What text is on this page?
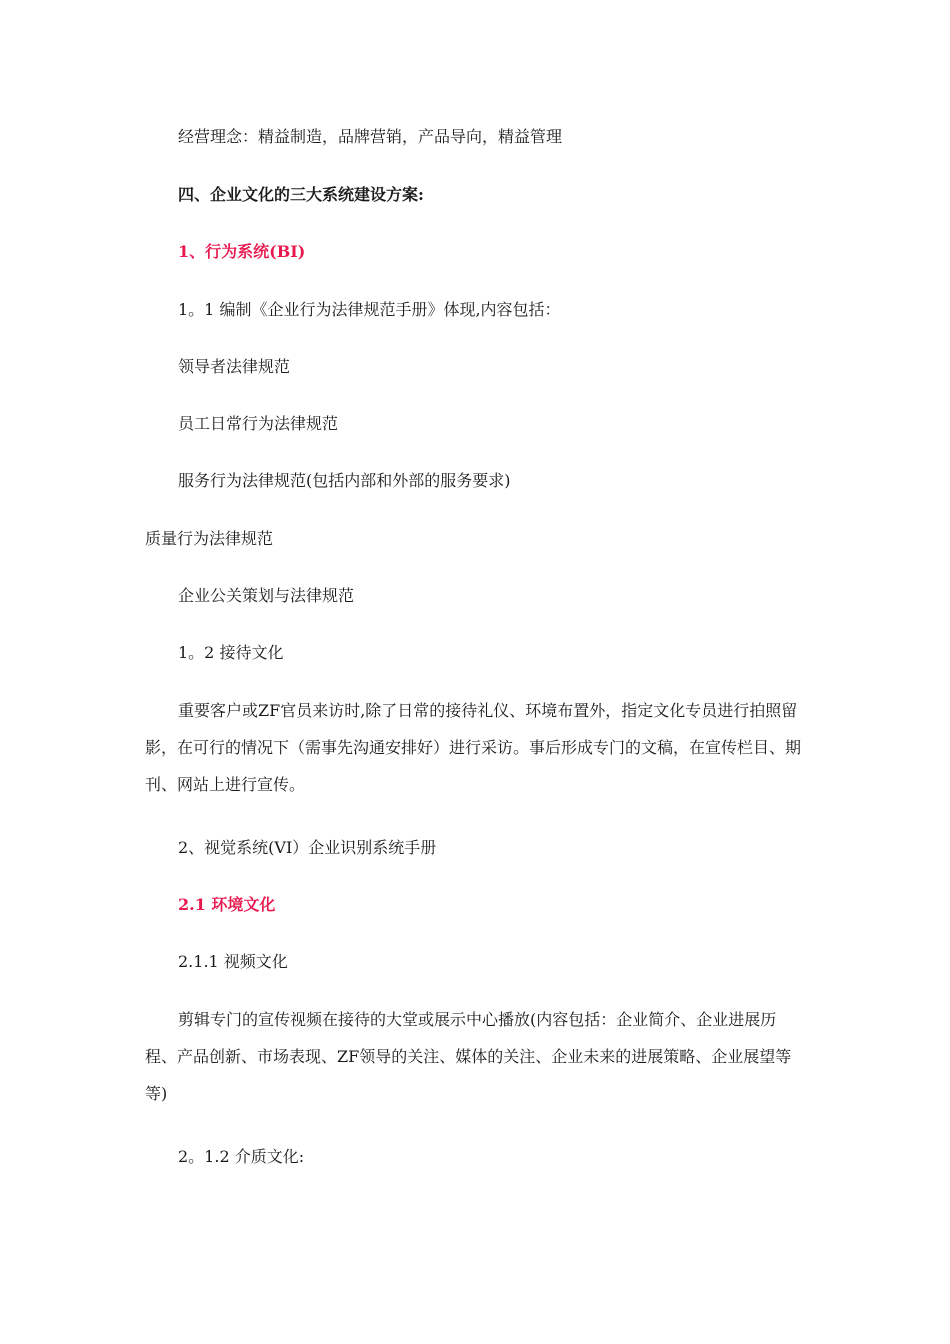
经营理念：精益制造，品牌营销，产品导向，精益管理

四、企业文化的三大系统建设方案:

1、行为系统(BI)

1。1 编制《企业行为法律规范手册》体现,内容包括：

领导者法律规范

员工日常行为法律规范

服务行为法律规范(包括内部和外部的服务要求)

质量行为法律规范

企业公关策划与法律规范

1。2 接待文化

重要客户或ZF官员来访时,除了日常的接待礼仪、环境布置外，指定文化专员进行拍照留影，在可行的情况下（需事先沟通安排好）进行采访。事后形成专门的文稿，在宣传栏目、期刊、网站上进行宣传。

2、视觉系统(VI）企业识别系统手册

2.1 环境文化

2.1.1 视频文化

剪辑专门的宣传视频在接待的大堂或展示中心播放(内容包括：企业简介、企业进展历程、产品创新、市场表现、ZF领导的关注、媒体的关注、企业未来的进展策略、企业展望等等)

2。1.2 介质文化:
